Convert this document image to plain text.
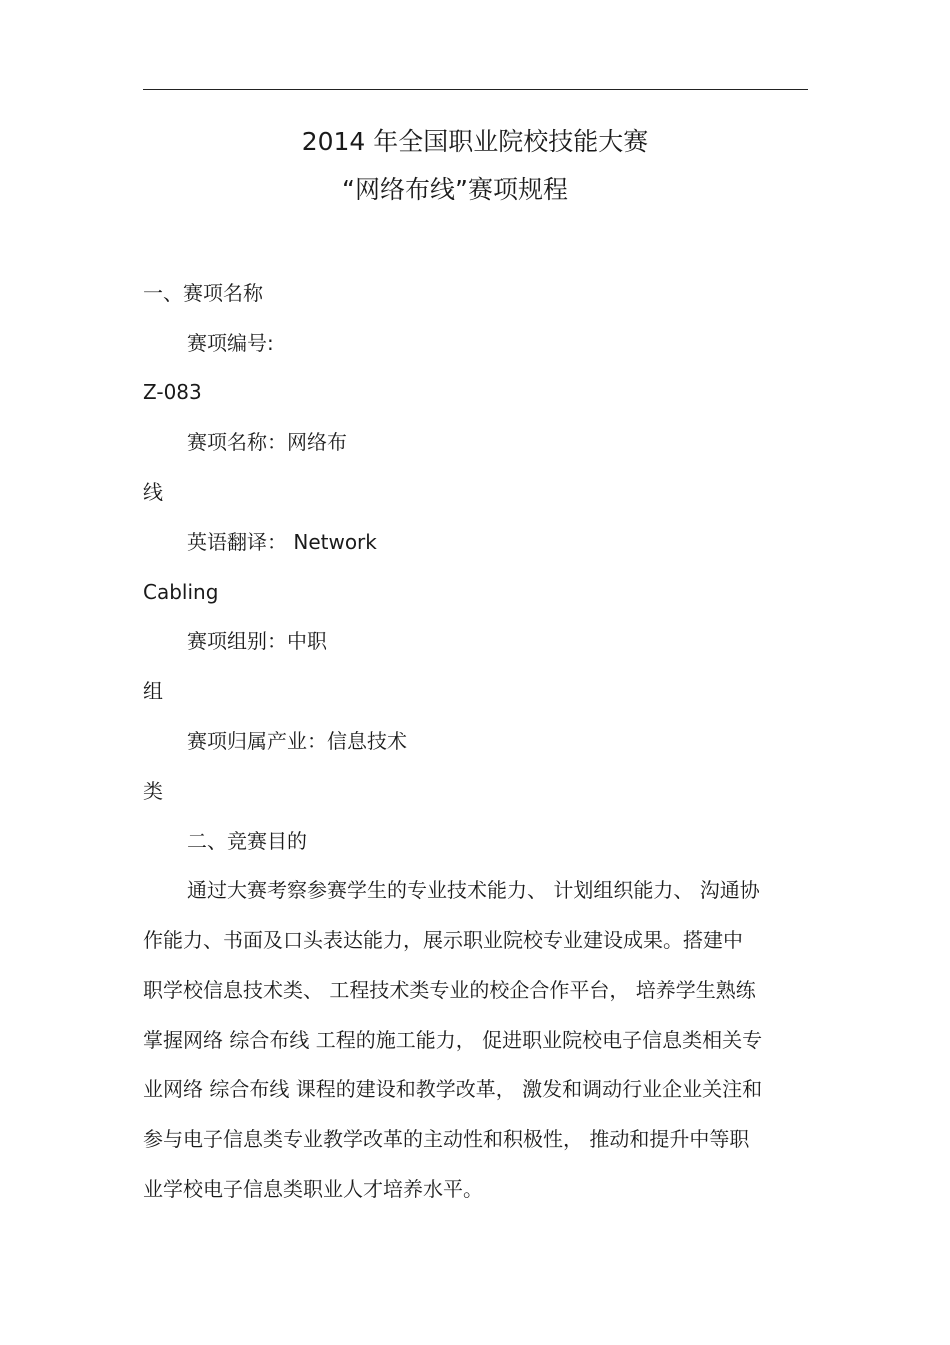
2014 年全国职业院校技能大赛
“网络布线”赛项规程
一、赛项名称
赛项编号:
Z-083
赛项名称：网络布
线
英语翻译： Network
Cabling
赛项组别：中职
组
赛项归属产业：信息技术
类
二、竞赛目的
通过大赛考察参赛学生的专业技术能力、 计划组织能力、 沟通协
作能力、书面及口头表达能力，展示职业院校专业建设成果。搭建中
职学校信息技术类、 工程技术类专业的校企合作平台， 培养学生熟练
掌握网络 综合布线 工程的施工能力， 促进职业院校电子信息类相关专
业网络 综合布线 课程的建设和教学改革， 激发和调动行业企业关注和
参与电子信息类专业教学改革的主动性和积极性， 推动和提升中等职
业学校电子信息类职业人才培养水平。
